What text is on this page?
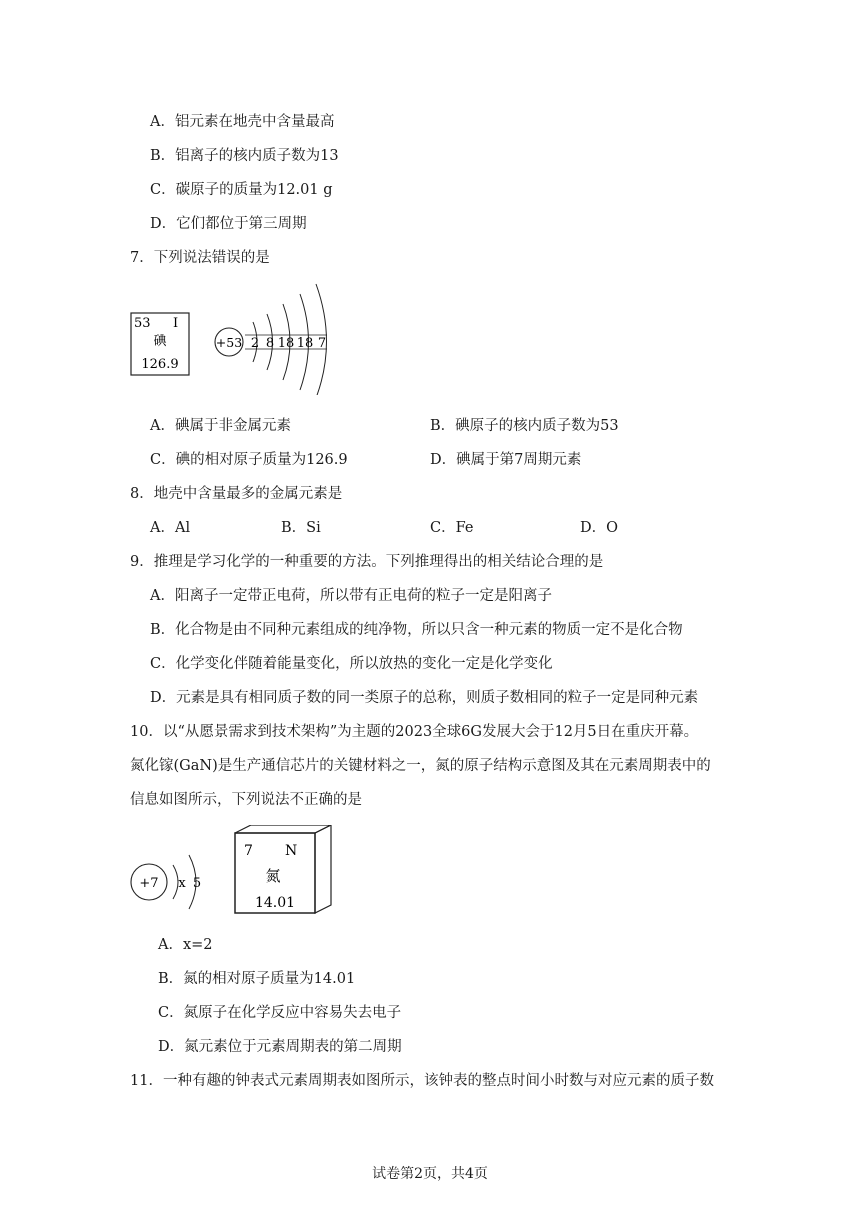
A．铝元素在地壳中含量最高
B．铝离子的核内质子数为13
C．碳原子的质量为12.01 g
D．它们都位于第三周期
7．下列说法错误的是
53 I
碘
126.9
+53 2 8 18 18 7
A．碘属于非金属元素	B．碘原子的核内质子数为53
C．碘的相对原子质量为126.9	D．碘属于第7周期元素
8．地壳中含量最多的金属元素是
A．Al	B．Si	C．Fe	D．O
9．推理是学习化学的一种重要的方法。下列推理得出的相关结论合理的是
A．阳离子一定带正电荷，所以带有正电荷的粒子一定是阳离子
B．化合物是由不同种元素组成的纯净物，所以只含一种元素的物质一定不是化合物
C．化学变化伴随着能量变化，所以放热的变化一定是化学变化
D．元素是具有相同质子数的同一类原子的总称，则质子数相同的粒子一定是同种元素
10．以“从愿景需求到技术架构”为主题的2023全球6G发展大会于12月5日在重庆开幕。
氮化镓(GaN)是生产通信芯片的关键材料之一，氮的原子结构示意图及其在元素周期表中的
信息如图所示，下列说法不正确的是
+7 x 5
7 N
氮
14.01
A．x=2
B．氮的相对原子质量为14.01
C．氮原子在化学反应中容易失去电子
D．氮元素位于元素周期表的第二周期
11．一种有趣的钟表式元素周期表如图所示，该钟表的整点时间小时数与对应元素的质子数
试卷第2页，共4页
